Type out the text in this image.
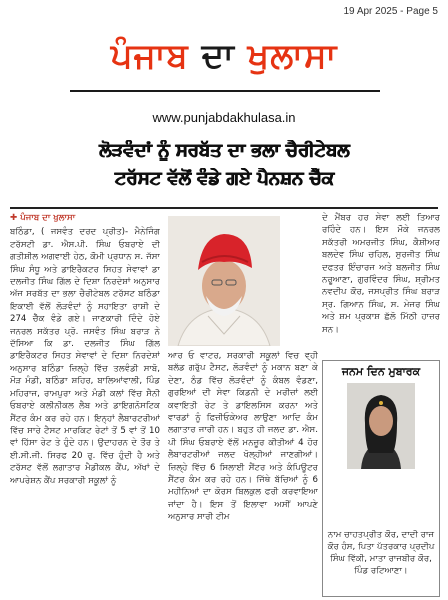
19 Apr 2025 - Page 5
ਪੰਜਾਬ ਦਾ ਖੁਲਾਸਾ
www.punjabdakhulasa.in
ਲੋੜਵੰਦਾਂ ਨੂੰ ਸਰਬੱਤ ਦਾ ਭਲਾ ਚੈਰੀਟੇਬਲ
ਟਰੱਸਟ ਵੱਲੋਂ ਵੰਡੇ ਗਏ ਪੈਨਸ਼ਨ ਚੈੱਕ
✚ ਪੰਜਾਬ ਦਾ ਖੁਲਾਸਾ

ਬਠਿੰਡਾ, ( ਜਸਵੰਤ ਦਰਦ ਪ੍ਰੀਤ)- ਮੈਨੇਜਿੰਗ ਟਰੱਸਟੀ ਡਾ. ਐਸ.ਪੀ. ਸਿੰਘ ਓਬਰਾਏ ਦੀ ਗਤੀਸ਼ੀਲ ਅਗਵਾਈ ਹੇਠ, ਕੌਮੀ ਪ੍ਰਧਾਨ ਸ. ਜੱਸਾ ਸਿੰਘ ਸੰਧੂ ਅਤੇ ਡਾਇਰੈਕਟਰ ਸਿਹਤ ਸੇਵਾਵਾਂ ਡਾ ਦਲਜੀਤ ਸਿੰਘ ਗਿੱਲ ਦੇ ਦਿਸ਼ਾ ਨਿਰਦੇਸ਼ਾਂ ਅਨੁਸਾਰ ਅੱਜ ਸਰਬੱਤ ਦਾ ਭਲਾ ਚੈਰੀਟੇਬਲ ਟਰੱਸਟ ਬਠਿੰਡਾ ਇਕਾਈ ਵੱਲੋਂ ਲੋੜਵੰਦਾਂ ਨੂੰ ਸਹਾਇਤਾ ਰਾਸ਼ੀ ਦੇ 274 ਚੈੱਕ ਵੰਡੇ ਗਏ। ਜਾਣਕਾਰੀ ਦਿੰਦੇ ਹੋਏ ਜਨਰਲ ਸਕੱਤਰ ਪ੍ਰੋ. ਜਸਵੰਤ ਸਿੰਘ ਬਰਾੜ ਨੇ ਦੱਸਿਆ ਕਿ ਡਾ. ਦਲਜੀਤ ਸਿੰਘ ਗਿੱਲ ਡਾਇਰੈਕਟਰ ਸਿਹਤ ਸੇਵਾਵਾਂ ਦੇ ਦਿਸ਼ਾ ਨਿਰਦੇਸ਼ਾਂ ਅਨੁਸਾਰ ਬਠਿੰਡਾ ਜ਼ਿਲ੍ਹੇ ਵਿੱਚ ਤਲਵੰਡੀ ਸਾਬੋ, ਮੌੜ ਮੰਡੀ, ਬਠਿੰਡਾ ਸ਼ਹਿਰ, ਬਾਲਿਆਂਵਾਲੀ, ਪਿੰਡ ਮਹਿਰਾਜ, ਰਾਮਪੁਰਾ ਅਤੇ ਮੰਡੀ ਕਲਾਂ ਵਿੱਚ ਸੈਨੀ ਓਬਰਾਏ ਕਲੀਨੀਕਲ ਲੈਬ ਅਤੇ ਡਾਇਗਨੋਸਟਿਕ ਸੈਂਟਰ ਕੰਮ ਕਰ ਰਹੇ ਹਨ। ਇਨ੍ਹਾਂ ਲੈਬਾਰਟਰੀਆਂ ਵਿੱਚ ਸਾਰੇ ਟੈਸਟ ਮਾਰਕਿਟ ਰੇਟਾਂ ਤੋਂ 5 ਵਾਂ ਤੋਂ 10 ਵਾਂ ਹਿੱਸਾ ਰੇਟ ਤੇ ਹੁੰਦੇ ਹਨ। ਉਦਾਹਰਨ ਦੇ ਤੌਰ ਤੇ ਈ.ਸੀ.ਜੀ. ਸਿਰਫ 20 ਰੁ. ਵਿੱਚ ਹੁੰਦੀ ਹੈ ਅਤੇ ਟਰੱਸਟ ਵੱਲੋਂ ਲਗਾਤਾਰ ਮੈਡੀਕਲ ਕੈਂਪ, ਅੱਖਾਂ ਦੇ ਆਪਰੇਸ਼ਨ ਕੈਂਪ ਸਰਕਾਰੀ ਸਕੂਲਾਂ ਨੂੰ

ਆਰ ਓ ਵਾਟਰ, ਸਰਕਾਰੀ ਸਕੂਲਾਂ ਵਿਚ ਵ੍ਹੀ ਬਲੱਡ ਗਰੁੱਪ ਟੈਸਟ, ਲੋੜਵੰਦਾਂ ਨੂੰ ਮਕਾਨ ਬਣਾ ਕੇ ਦੇਣਾ, ਠੰਡ ਵਿੱਚ ਲੋੜਵੰਦਾਂ ਨੂੰ ਕੰਬਲ ਵੰਡਣਾ, ਗੁਰਇਆਂ ਦੀ ਸੇਵਾ ਕਿਡਨੀ ਦੇ ਮਰੀਜ਼ਾਂ ਲਈ ਕਵਾਇਤੀ ਰੇਟ ਤੇ ਡਾਇਲਸਿਸ ਕਰਨਾ ਅਤੇ ਵਾਰਡਾਂ ਨੂੰ ਫਿਜ਼ੀਓਕੇਅਰ ਲਾਉਣਾ ਆਦਿ ਕੰਮ ਲਗਾਤਾਰ ਜਾਰੀ ਹਨ। ਬਹੁਤ ਹੀ ਜਲਦ ਡਾ. ਐਸ. ਪੀ ਸਿੰਘ ਓਬਰਾਏ ਵੱਲੋਂ ਮਨਜ਼ੂਰ ਕੀਤੀਆਂ 4 ਹੋਰ ਲੈਬਾਰਟਰੀਆਂ ਜਲਦ ਖੋਲ੍ਹੀਆਂ ਜਾਣਗੀਆਂ। ਜ਼ਿਲ੍ਹੇ ਵਿੱਚ 6 ਸਿਲਾਈ ਸੈਂਟਰ ਅਤੇ ਕੰਪਿਊਟਰ ਸੈਂਟਰ ਕੰਮ ਕਰ ਰਹੇ ਹਨ। ਜਿੱਥੇ ਬੱਚਿਆਂ ਨੂੰ 6 ਮਹੀਨਿਆਂ ਦਾ ਕੋਰਸ ਬਿਲਕੁਲ ਫਰੀ ਕਰਵਾਇਆ ਜਾਂਦਾ ਹੈ। ਇਸ ਤੋਂ ਇਲਾਵਾ ਅਸੀਂ ਆਪਣੇ ਅਨੁਸਾਰ ਸਾਰੀ ਟੀਮ

ਦੇ ਮੈਂਬਰ ਹਰ ਸੇਵਾ ਲਈ ਤਿਆਰ ਰਹਿੰਦੇ ਹਨ। ਇਸ ਮੌਕੇ ਜਨਰਲ ਸਕੱਤਰੀ ਅਮਰਜੀਤ ਸਿੰਘ, ਕੈਸ਼ੀਅਰ ਬਲਦੇਵ ਸਿੰਘ ਚਹਿਲ, ਸੁਰਜੀਤ ਸਿੰਘ ਦਫਤਰ ਇੰਚਾਰਜ ਅਤੇ ਬਲਜੀਤ ਸਿੰਘ ਨਰੂਆਣਾ, ਗੁਰਵਿੰਦਰ ਸਿੰਘ, ਸ਼੍ਰੀਮਤ ਨਵਦੀਪ ਕੌਰ, ਜਸਪ੍ਰੀਤ ਸਿੰਘ ਬਰਾੜ ਸ੍ਰ. ਗਿਆਨ ਸਿੰਘ, ਸ. ਮੇਜਰ ਸਿੰਘ ਅਤੇ ਸ਼ਮ ਪ੍ਰਕਾਸ਼ ਛੱਲੋ ਮਿੱਠੀ ਹਾਜ਼ਰ ਸਨ।

ਜਨਮ ਦਿਨ ਮੁਬਾਰਕ
ਨਾਮ ਚਾਹਤਪ੍ਰੀਤ ਕੌਰ, ਦਾਦੀ ਰਾਜ ਕੌਰ ਹੰਸ, ਪਿਤਾ ਪੱਤਰਕਾਰ ਪ੍ਰਦੀਪ ਸਿੰਘ ਵਿੱਕੀ, ਮਾਤਾ ਰਾਜਬੀਰ ਕੌਰ, ਪਿੰਡ ਰਟਿਆਣਾ।
